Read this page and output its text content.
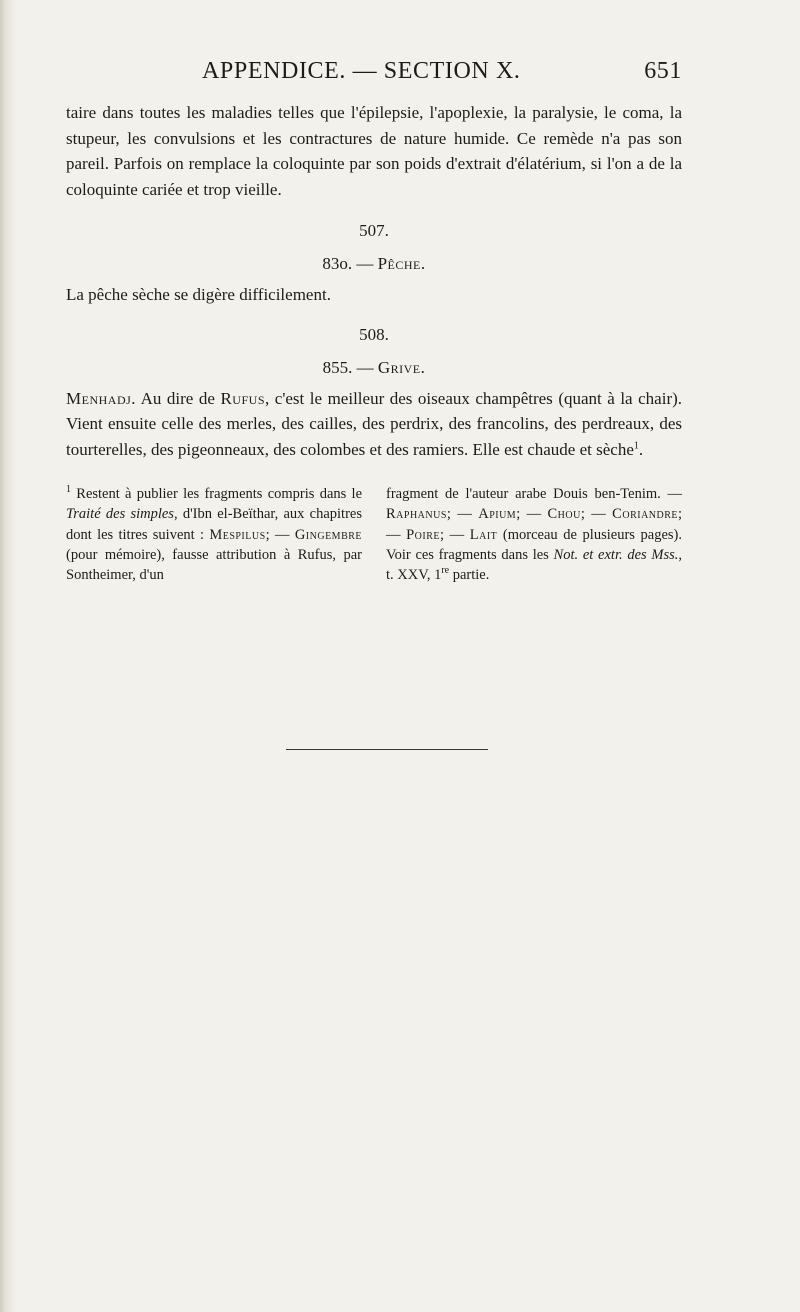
APPENDICE. — SECTION X.	651

taire dans toutes les maladies telles que l'épilepsie, l'apoplexie, la paralysie, le coma, la stupeur, les convulsions et les contractures de nature humide. Ce remède n'a pas son pareil. Parfois on remplace la coloquinte par son poids d'extrait d'élatérium, si l'on a de la coloquinte cariée et trop vieille.

507.
83o. — Pêche.

La pêche sèche se digère difficilement.

508.
855. — Grive.

Menhadj. Au dire de Rufus, c'est le meilleur des oiseaux champêtres (quant à la chair). Vient ensuite celle des merles, des cailles, des perdrix, des francolins, des perdreaux, des tourterelles, des pigeonneaux, des colombes et des ramiers. Elle est chaude et sèche$^1$.

$^1$ Restent à publier les fragments compris dans le Traité des simples, d'Ibn el-Beïthar, aux chapitres dont les titres suivent : Mespilus; — Gingembre (pour mémoire), fausse attribution à Rufus, par Sontheimer, d'un
fragment de l'auteur arabe Douis ben-Tenim. — Raphanus; — Apium; — Chou; — Coriandre; — Poire; — Lait (morceau de plusieurs pages). Voir ces fragments dans les Not. et extr. des Mss., t. XXV, 1re partie.
